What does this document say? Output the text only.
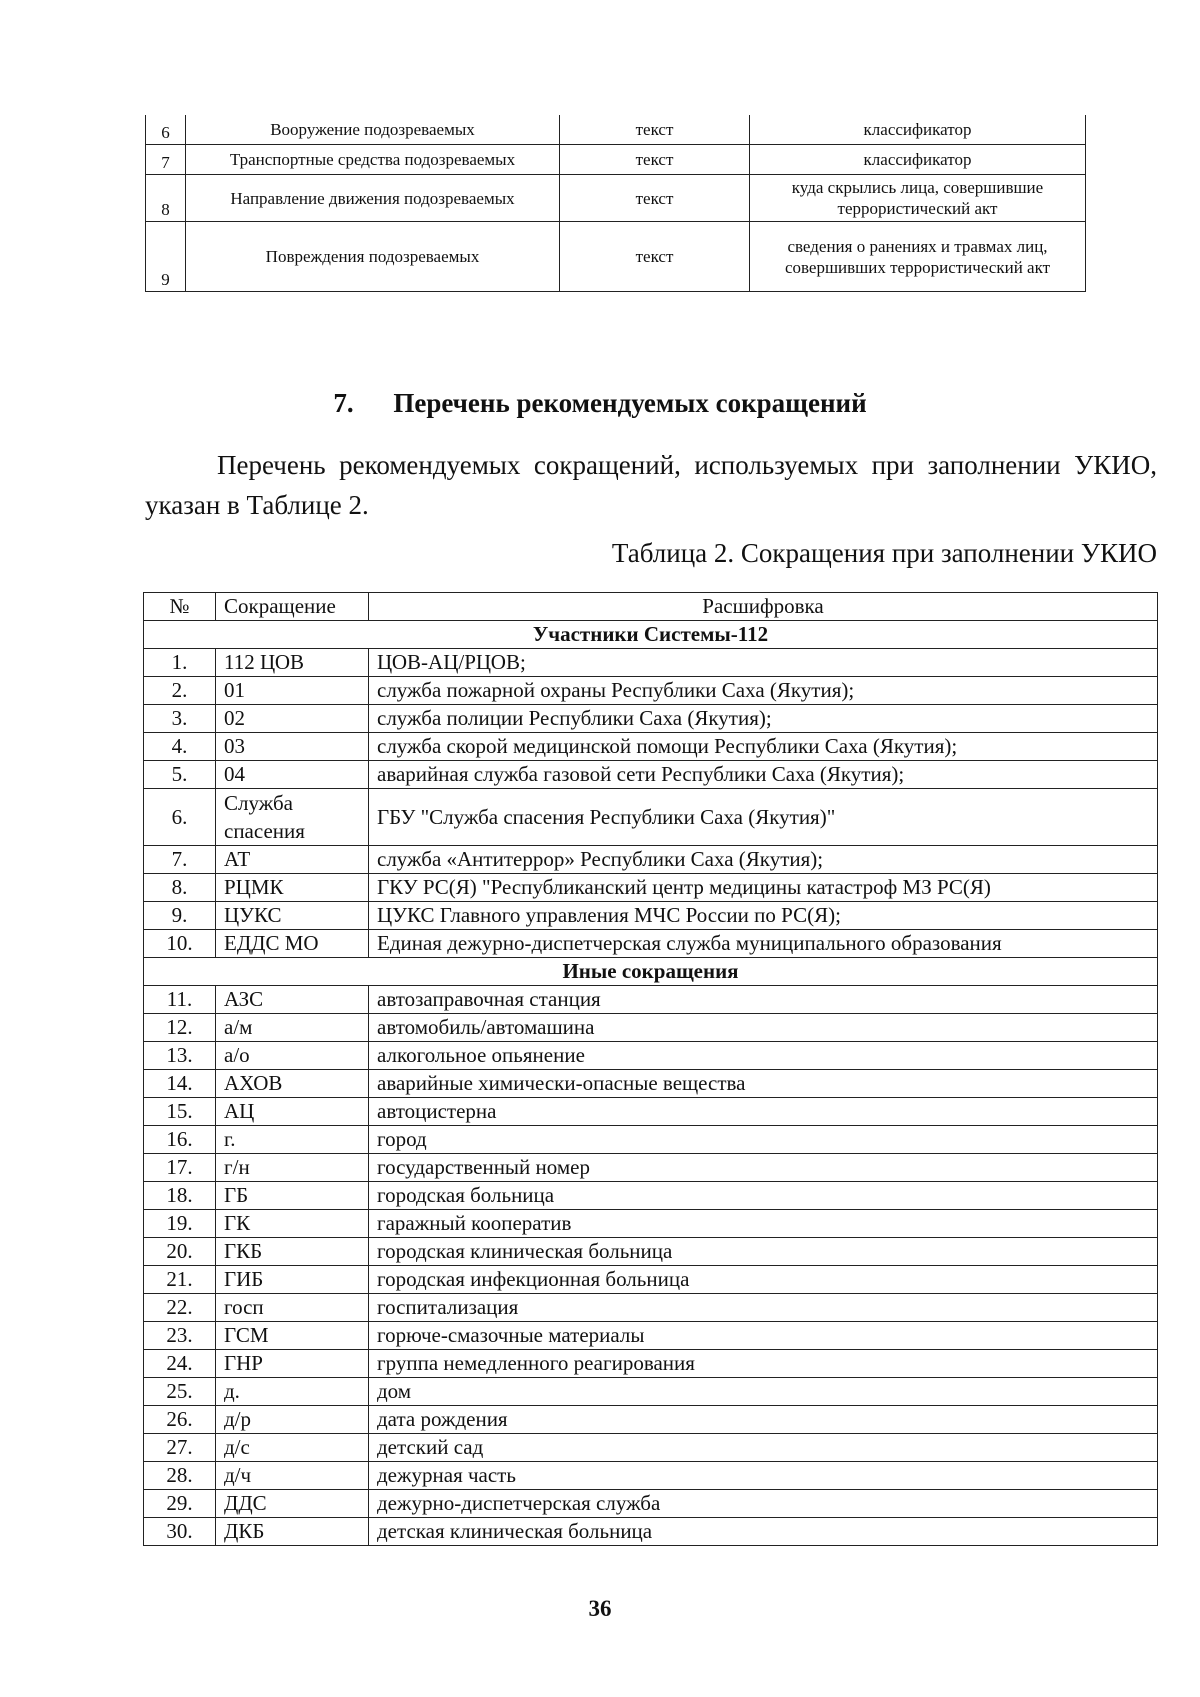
6	Вооружение подозреваемых	текст	классификатор
7	Транспортные средства подозреваемых	текст	классификатор
8	Направление движения подозреваемых	текст	куда скрылись лица, совершившие террористический акт
9	Повреждения подозреваемых	текст	сведения о ранениях и травмах лиц, совершивших террористический акт
7. Перечень рекомендуемых сокращений

Перечень рекомендуемых сокращений, используемых при заполнении УКИО, указан в Таблице 2.

Таблица 2. Сокращения при заполнении УКИО
№	Сокращение	Расшифровка
Участники Системы-112		
1.	112 ЦОВ	ЦОВ-АЦ/РЦОВ;
2.	01	служба пожарной охраны Республики Саха (Якутия);
3.	02	служба полиции Республики Саха (Якутия);
4.	03	служба скорой медицинской помощи Республики Саха (Якутия);
5.	04	аварийная служба газовой сети Республики Саха (Якутия);
6.	Служба спасения	ГБУ "Служба спасения Республики Саха (Якутия)"
7.	АТ	служба «Антитеррор» Республики Саха (Якутия);
8.	РЦМК	ГКУ РС(Я) "Республиканский центр медицины катастроф МЗ РС(Я)
9.	ЦУКС	ЦУКС Главного управления МЧС России по РС(Я);
10.	ЕДДС МО	Единая дежурно-диспетчерская служба муниципального образования
Иные сокращения		
11.	АЗС	автозаправочная станция
12.	а/м	автомобиль/автомашина
13.	а/о	алкогольное опьянение
14.	АХОВ	аварийные химически-опасные вещества
15.	АЦ	автоцистерна
16.	г.	город
17.	г/н	государственный номер
18.	ГБ	городская больница
19.	ГК	гаражный кооператив
20.	ГКБ	городская клиническая больница
21.	ГИБ	городская инфекционная больница
22.	госп	госпитализация
23.	ГСМ	горюче-смазочные материалы
24.	ГНР	группа немедленного реагирования
25.	д.	дом
26.	д/р	дата рождения
27.	д/с	детский сад
28.	д/ч	дежурная часть
29.	ДДС	дежурно-диспетчерская служба
30.	ДКБ	детская клиническая больница
36
